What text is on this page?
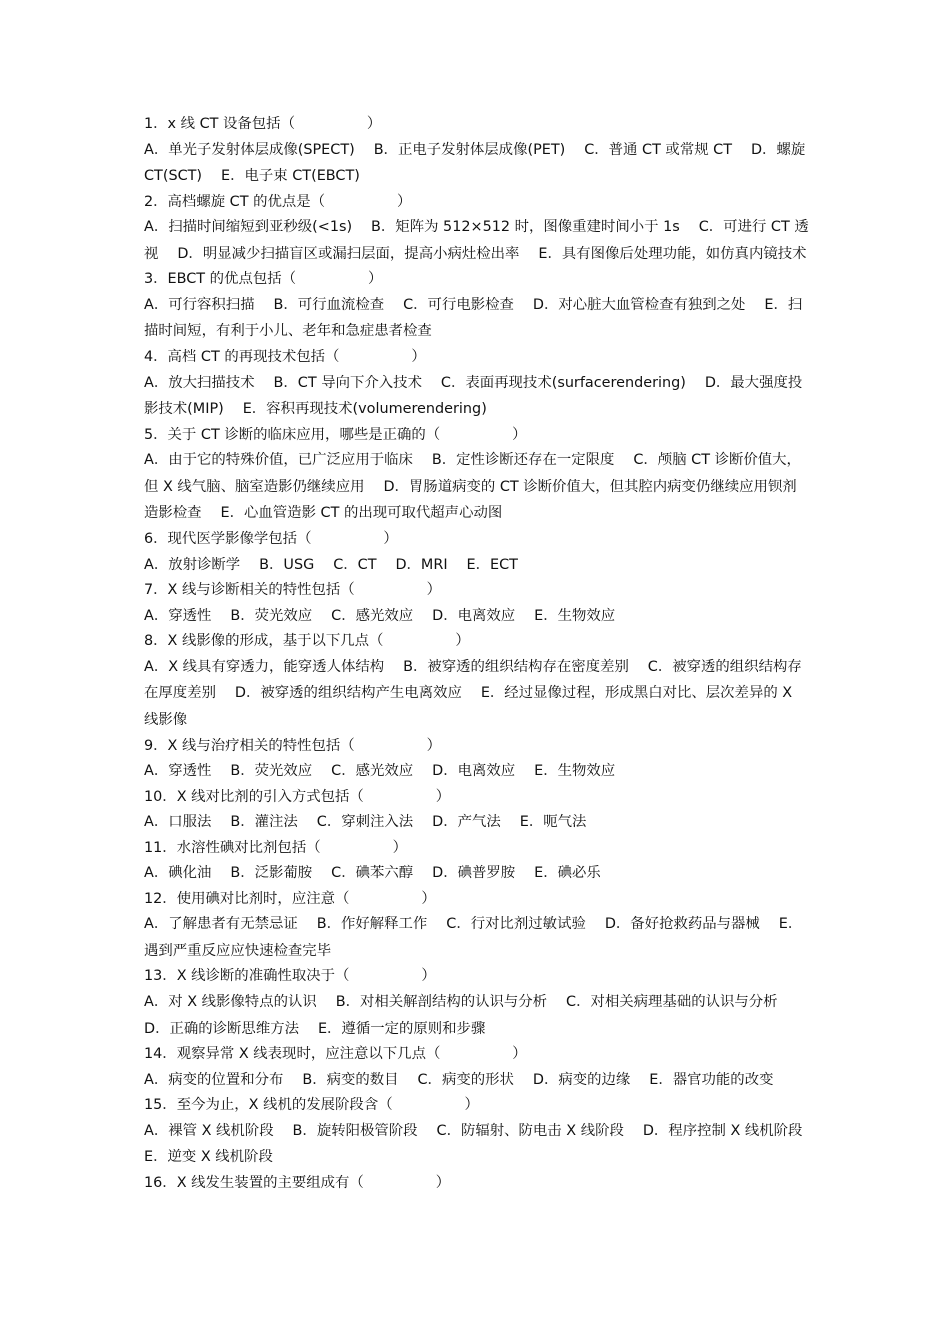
1．x 线 CT 设备包括（　　　　　）

A．单光子发射体层成像(SPECT)　 B．正电子发射体层成像(PET)　 C．普通 CT 或常规 CT　 D．螺旋 CT(SCT)　 E．电子束 CT(EBCT)

2．高档螺旋 CT 的优点是（　　　　　）

A．扫描时间缩短到亚秒级(<1s)　 B．矩阵为 512×512 时，图像重建时间小于 1s　 C．可进行 CT 透视　 D．明显减少扫描盲区或漏扫层面，提高小病灶检出率　 E．具有图像后处理功能，如仿真内镜技术

3．EBCT 的优点包括（　　　　　）

A．可行容积扫描　 B．可行血流检查　 C．可行电影检查　 D．对心脏大血管检查有独到之处　 E．扫描时间短，有利于小儿、老年和急症患者检查

4．高档 CT 的再现技术包括（　　　　　）

A．放大扫描技术　 B．CT 导向下介入技术　 C．表面再现技术(surfacerendering)　 D．最大强度投影技术(MIP)　 E．容积再现技术(volumerendering)

5．关于 CT 诊断的临床应用，哪些是正确的（　　　　　）

A．由于它的特殊价值，已广泛应用于临床　 B．定性诊断还存在一定限度　 C．颅脑 CT 诊断价值大，但 X 线气脑、脑室造影仍继续应用　 D．胃肠道病变的 CT 诊断价值大，但其腔内病变仍继续应用钡剂造影检查　 E．心血管造影 CT 的出现可取代超声心动图

6．现代医学影像学包括（　　　　　）

A．放射诊断学　 B．USG　 C．CT　 D．MRI　 E．ECT

7．X 线与诊断相关的特性包括（　　　　　）

A．穿透性　 B．荧光效应　 C．感光效应　 D．电离效应　 E．生物效应

8．X 线影像的形成，基于以下几点（　　　　　）

A．X 线具有穿透力，能穿透人体结构　 B．被穿透的组织结构存在密度差别　 C．被穿透的组织结构存在厚度差别　 D．被穿透的组织结构产生电离效应　 E．经过显像过程，形成黑白对比、层次差异的 X 线影像

9．X 线与治疗相关的特性包括（　　　　　）

A．穿透性　 B．荧光效应　 C．感光效应　 D．电离效应　 E．生物效应

10．X 线对比剂的引入方式包括（　　　　　）

A．口服法　 B．灌注法　 C．穿刺注入法　 D．产气法　 E．呃气法

11．水溶性碘对比剂包括（　　　　　）

A．碘化油　 B．泛影葡胺　 C．碘苯六醇　 D．碘普罗胺　 E．碘必乐

12．使用碘对比剂时，应注意（　　　　　）

A．了解患者有无禁忌证　 B．作好解释工作　 C．行对比剂过敏试验　 D．备好抢救药品与器械　 E．遇到严重反应应快速检查完毕

13．X 线诊断的准确性取决于（　　　　　）

A．对 X 线影像特点的认识　 B．对相关解剖结构的认识与分析　 C．对相关病理基础的认识与分析　 D．正确的诊断思维方法　 E．遵循一定的原则和步骤

14．观察异常 X 线表现时，应注意以下几点（　　　　　）

A．病变的位置和分布　 B．病变的数目　 C．病变的形状　 D．病变的边缘　 E．器官功能的改变

15．至今为止，X 线机的发展阶段含（　　　　　）

A．裸管 X 线机阶段　 B．旋转阳极管阶段　 C．防辐射、防电击 X 线阶段　 D．程序控制 X 线机阶段　 E．逆变 X 线机阶段

16．X 线发生装置的主要组成有（　　　　　）
